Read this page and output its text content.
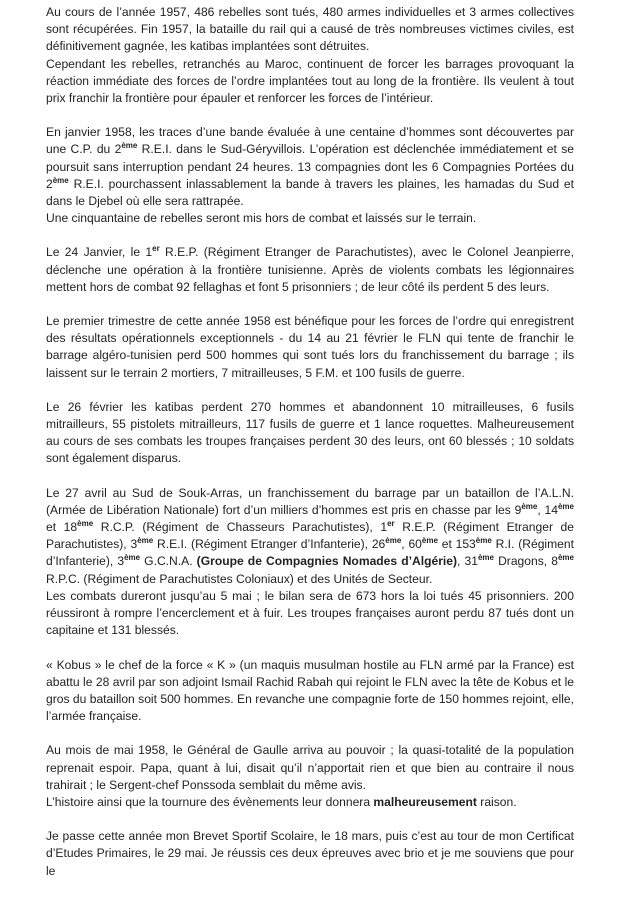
Au cours de l’année 1957, 486 rebelles sont tués, 480 armes individuelles et 3 armes collectives sont récupérées. Fin 1957, la bataille du rail qui a causé de très nombreuses victimes civiles, est définitivement gagnée, les katibas implantées sont détruites.
Cependant les rebelles, retranchés au Maroc, continuent de forcer les barrages provoquant la réaction immédiate des forces de l’ordre implantées tout au long de la frontière. Ils veulent à tout prix franchir la frontière pour épauler et renforcer les forces de l’intérieur.

En janvier 1958, les traces d’une bande évaluée à une centaine d’hommes sont découvertes par une C.P. du 2ème R.E.I. dans le Sud-Géryvillois. L’opération est déclenchée immédiatement et se poursuit sans interruption pendant 24 heures. 13 compagnies dont les 6 Compagnies Portées du 2ème R.E.I. pourchassent inlassablement la bande à travers les plaines, les hamadas du Sud et dans le Djebel où elle sera rattrapée.
Une cinquantaine de rebelles seront mis hors de combat et laissés sur le terrain.

Le 24 Janvier, le 1er R.E.P. (Régiment Etranger de Parachutistes), avec le Colonel Jeanpierre, déclenche une opération à la frontière tunisienne. Après de violents combats les légionnaires mettent hors de combat 92 fellaghas et font 5 prisonniers ; de leur côté ils perdent 5 des leurs.

Le premier trimestre de cette année 1958 est bénéfique pour les forces de l’ordre qui enregistrent des résultats opérationnels exceptionnels - du 14 au 21 février le FLN qui tente de franchir le barrage algéro-tunisien perd 500 hommes qui sont tués lors du franchissement du barrage ; ils laissent sur le terrain 2 mortiers, 7 mitrailleuses, 5 F.M. et 100 fusils de guerre.

Le 26 février les katibas perdent 270 hommes et abandonnent 10 mitrailleuses, 6 fusils mitrailleurs, 55 pistolets mitrailleurs, 117 fusils de guerre et 1 lance roquettes. Malheureusement au cours de ses combats les troupes françaises perdent 30 des leurs, ont 60 blessés ; 10 soldats sont également disparus.

Le 27 avril au Sud de Souk-Arras, un franchissement du barrage par un bataillon de l’A.L.N. (Armée de Libération Nationale) fort d’un milliers d’hommes est pris en chasse par les 9ème, 14ème et 18ème R.C.P. (Régiment de Chasseurs Parachutistes), 1er R.E.P. (Régiment Etranger de Parachutistes), 3ème R.E.I. (Régiment Etranger d’Infanterie), 26ème, 60ème et 153ème R.I. (Régiment d’Infanterie), 3ème G.C.N.A. (Groupe de Compagnies Nomades d’Algérie), 31ème Dragons, 8ème R.P.C. (Régiment de Parachutistes Coloniaux) et des Unités de Secteur.
Les combats dureront jusqu’au 5 mai ; le bilan sera de 673 hors la loi tués 45 prisonniers. 200 réussiront à rompre l’encerclement et à fuir. Les troupes françaises auront perdu 87 tués dont un capitaine et 131 blessés.

« Kobus » le chef de la force « K » (un maquis musulman hostile au FLN armé par la France) est abattu le 28 avril par son adjoint Ismail Rachid Rabah qui rejoint le FLN avec la tête de Kobus et le gros du bataillon soit 500 hommes. En revanche une compagnie forte de 150 hommes rejoint, elle, l’armée française.

Au mois de mai 1958, le Général de Gaulle arriva au pouvoir ; la quasi-totalité de la population reprenait espoir. Papa, quant à lui, disait qu’il n’apportait rien et que bien au contraire il nous trahirait ; le Sergent-chef Ponssoda semblait du même avis.
L’histoire ainsi que la tournure des évènements leur donnera malheureusement raison.

Je passe cette année mon Brevet Sportif Scolaire, le 18 mars, puis c’est au tour de mon Certificat d’Etudes Primaires, le 29 mai. Je réussis ces deux épreuves avec brio et je me souviens que pour le
